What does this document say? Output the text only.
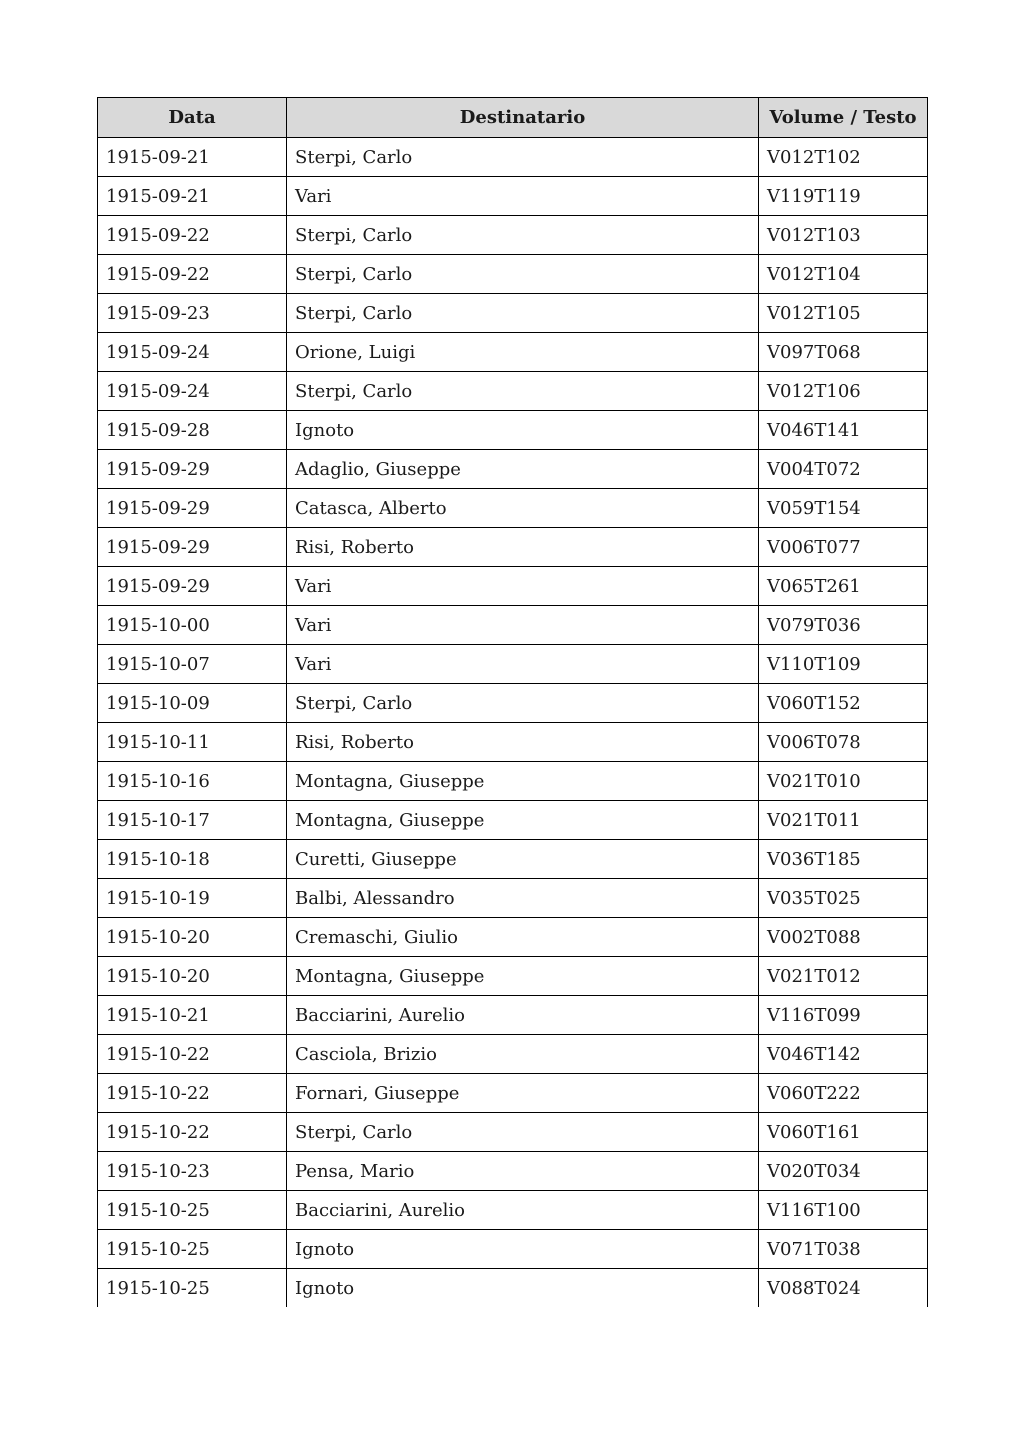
Data	Destinatario	Volume / Testo
1915-09-21	Sterpi, Carlo	V012T102
1915-09-21	Vari	V119T119
1915-09-22	Sterpi, Carlo	V012T103
1915-09-22	Sterpi, Carlo	V012T104
1915-09-23	Sterpi, Carlo	V012T105
1915-09-24	Orione, Luigi	V097T068
1915-09-24	Sterpi, Carlo	V012T106
1915-09-28	Ignoto	V046T141
1915-09-29	Adaglio, Giuseppe	V004T072
1915-09-29	Catasca, Alberto	V059T154
1915-09-29	Risi, Roberto	V006T077
1915-09-29	Vari	V065T261
1915-10-00	Vari	V079T036
1915-10-07	Vari	V110T109
1915-10-09	Sterpi, Carlo	V060T152
1915-10-11	Risi, Roberto	V006T078
1915-10-16	Montagna, Giuseppe	V021T010
1915-10-17	Montagna, Giuseppe	V021T011
1915-10-18	Curetti, Giuseppe	V036T185
1915-10-19	Balbi, Alessandro	V035T025
1915-10-20	Cremaschi, Giulio	V002T088
1915-10-20	Montagna, Giuseppe	V021T012
1915-10-21	Bacciarini, Aurelio	V116T099
1915-10-22	Casciola, Brizio	V046T142
1915-10-22	Fornari, Giuseppe	V060T222
1915-10-22	Sterpi, Carlo	V060T161
1915-10-23	Pensa, Mario	V020T034
1915-10-25	Bacciarini, Aurelio	V116T100
1915-10-25	Ignoto	V071T038
1915-10-25	Ignoto	V088T024
